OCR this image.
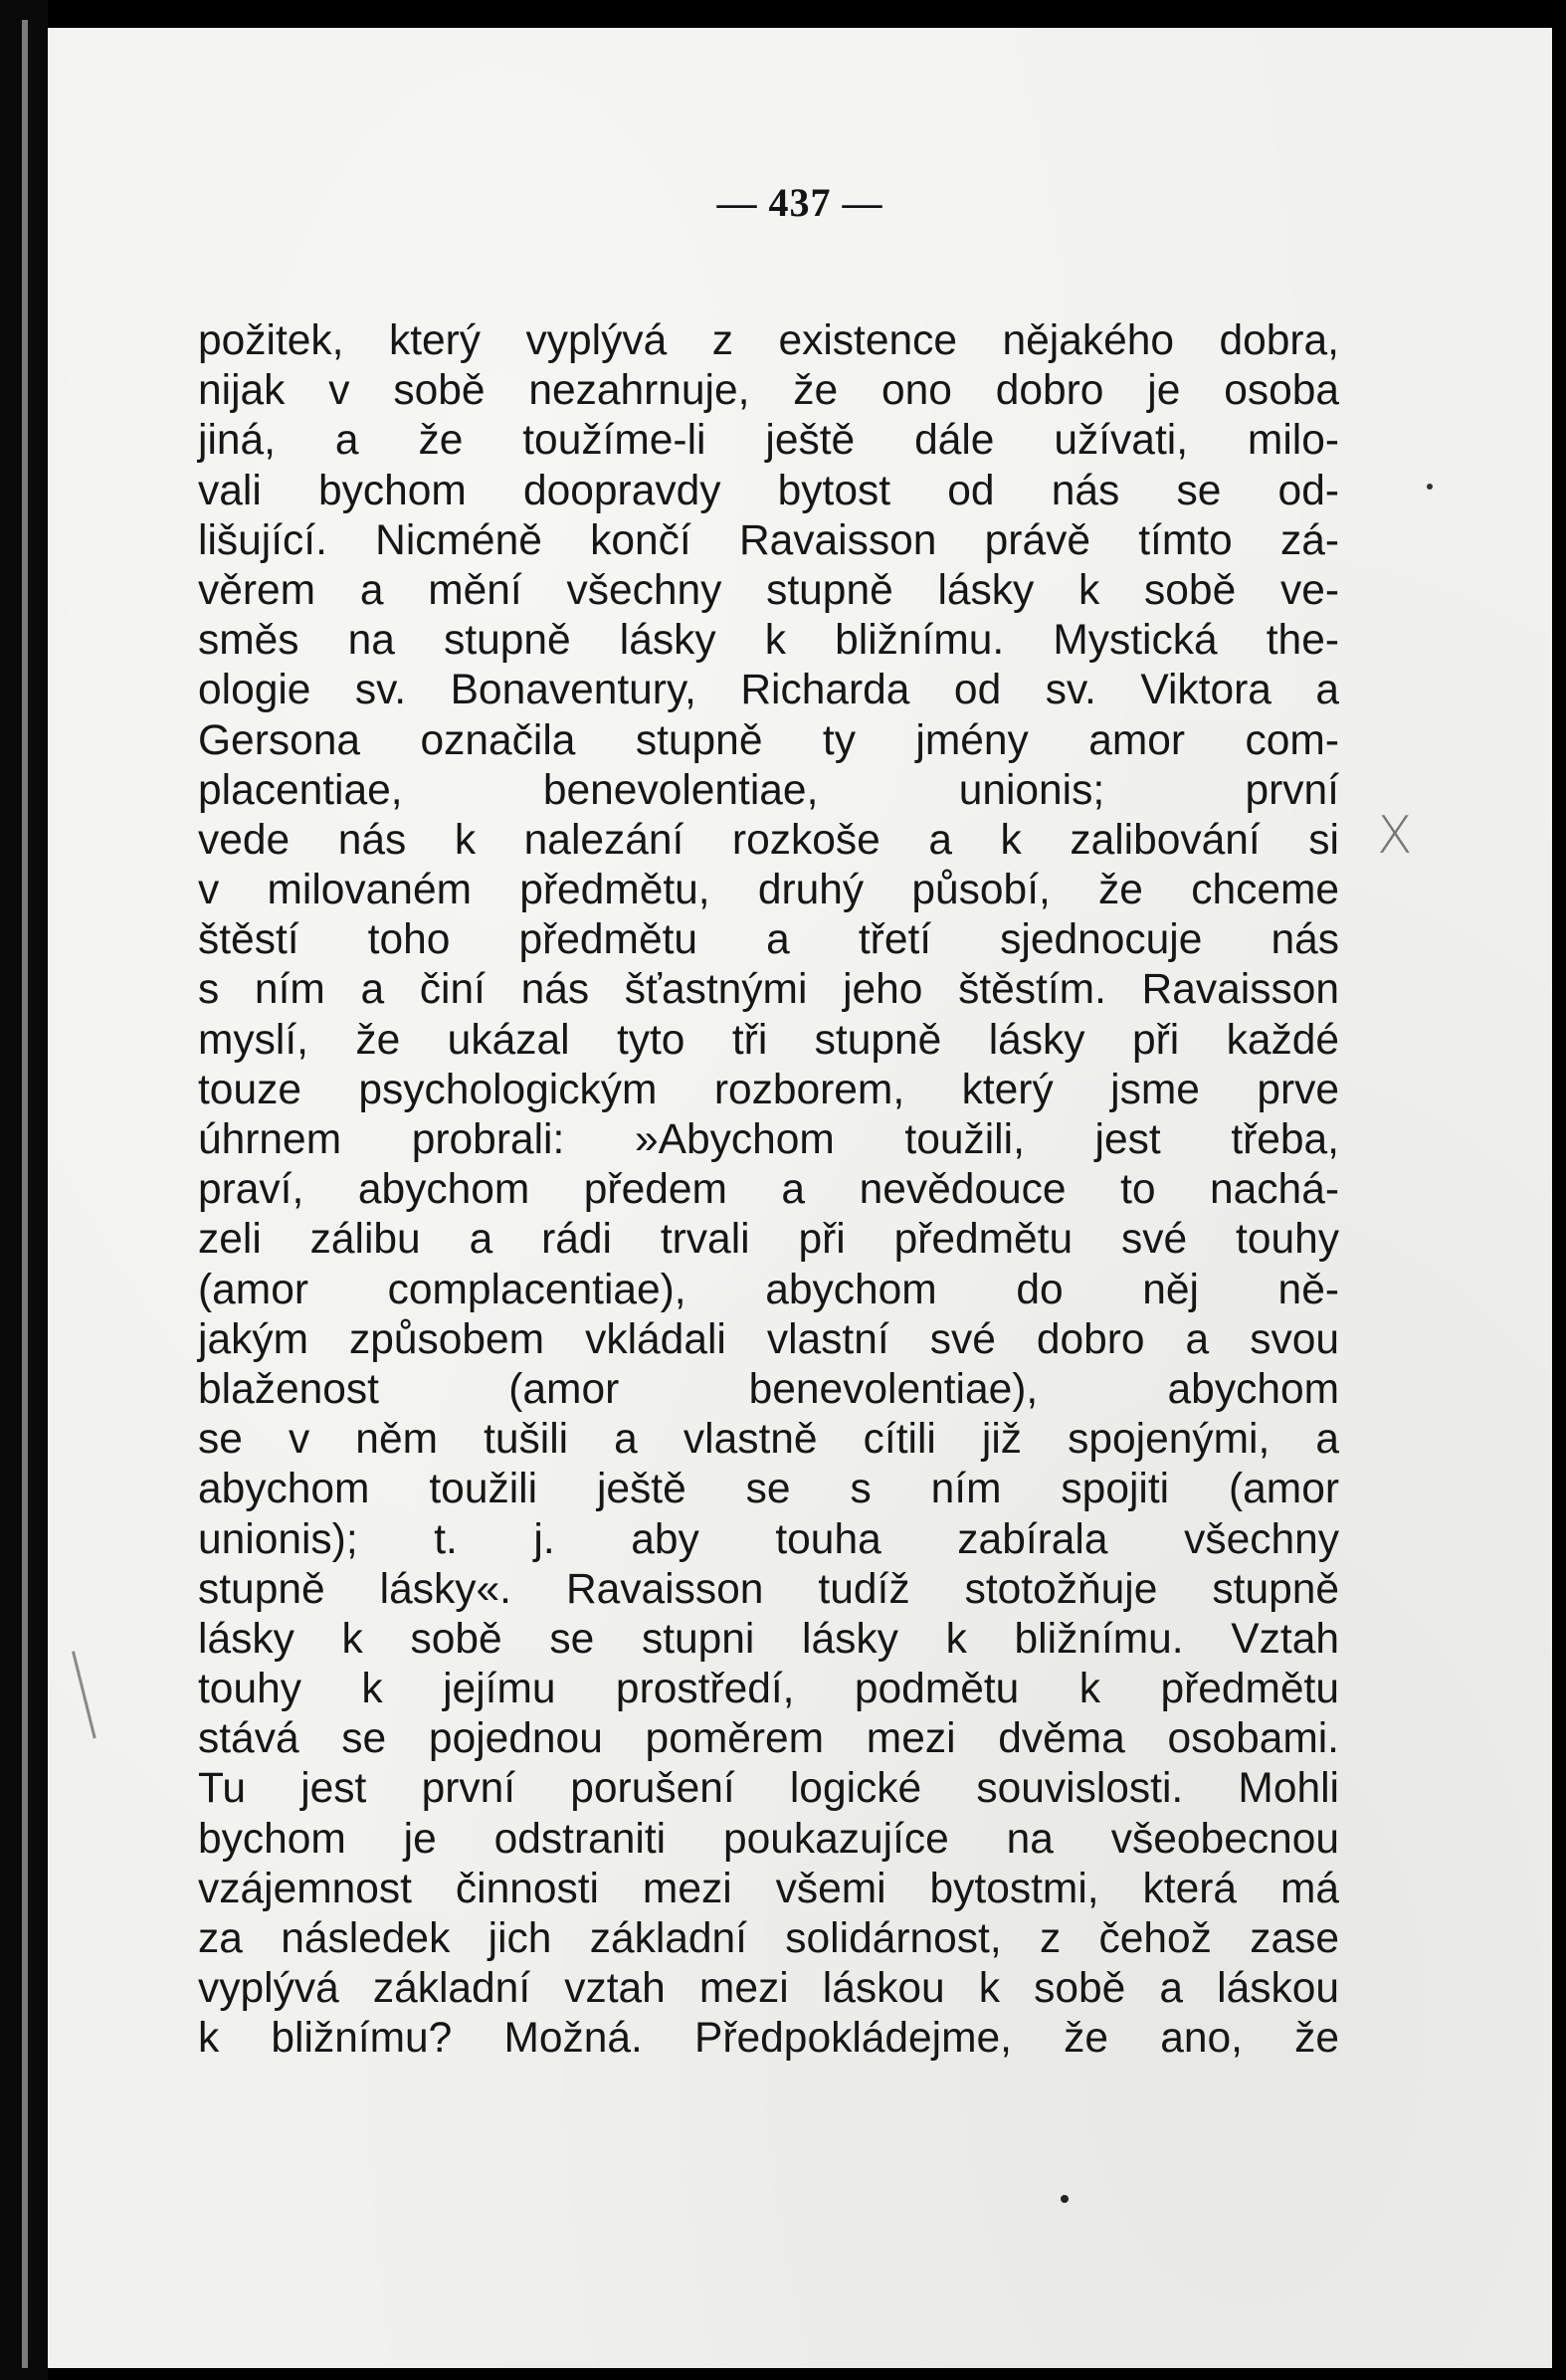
— 437 —
požitek, který vyplývá z existence nějakého dobra,
nijak v sobě nezahrnuje, že ono dobro je osoba
jiná, a že toužíme-li ještě dále užívati, milo-
vali bychom doopravdy bytost od nás se od-
lišující. Nicméně končí Ravaisson právě tímto zá-
věrem a mění všechny stupně lásky k sobě ve-
směs na stupně lásky k bližnímu. Mystická the-
ologie sv. Bonaventury, Richarda od sv. Viktora a
Gersona označila stupně ty jmény amor com-
placentiae, benevolentiae, unionis; první
vede nás k nalezání rozkoše a k zalibování si
v milovaném předmětu, druhý působí, že chceme
štěstí toho předmětu a třetí sjednocuje nás
s ním a činí nás šťastnými jeho štěstím. Ravaisson
myslí, že ukázal tyto tři stupně lásky při každé
touze psychologickým rozborem, který jsme prve
úhrnem probrali: »Abychom toužili, jest třeba,
praví, abychom předem a nevědouce to nachá-
zeli zálibu a rádi trvali při předmětu své touhy
(amor complacentiae), abychom do něj ně-
jakým způsobem vkládali vlastní své dobro a svou
blaženost (amor benevolentiae), abychom
se v něm tušili a vlastně cítili již spojenými, a
abychom toužili ještě se s ním spojiti (amor
unionis); t. j. aby touha zabírala všechny
stupně lásky«. Ravaisson tudíž stotožňuje stupně
lásky k sobě se stupni lásky k bližnímu. Vztah
touhy k jejímu prostředí, podmětu k předmětu
stává se pojednou poměrem mezi dvěma osobami.
Tu jest první porušení logické souvislosti. Mohli
bychom je odstraniti poukazujíce na všeobecnou
vzájemnost činnosti mezi všemi bytostmi, která má
za následek jich základní solidárnost, z čehož zase
vyplývá základní vztah mezi láskou k sobě a láskou
k bližnímu? Možná. Předpokládejme, že ano, že
X
